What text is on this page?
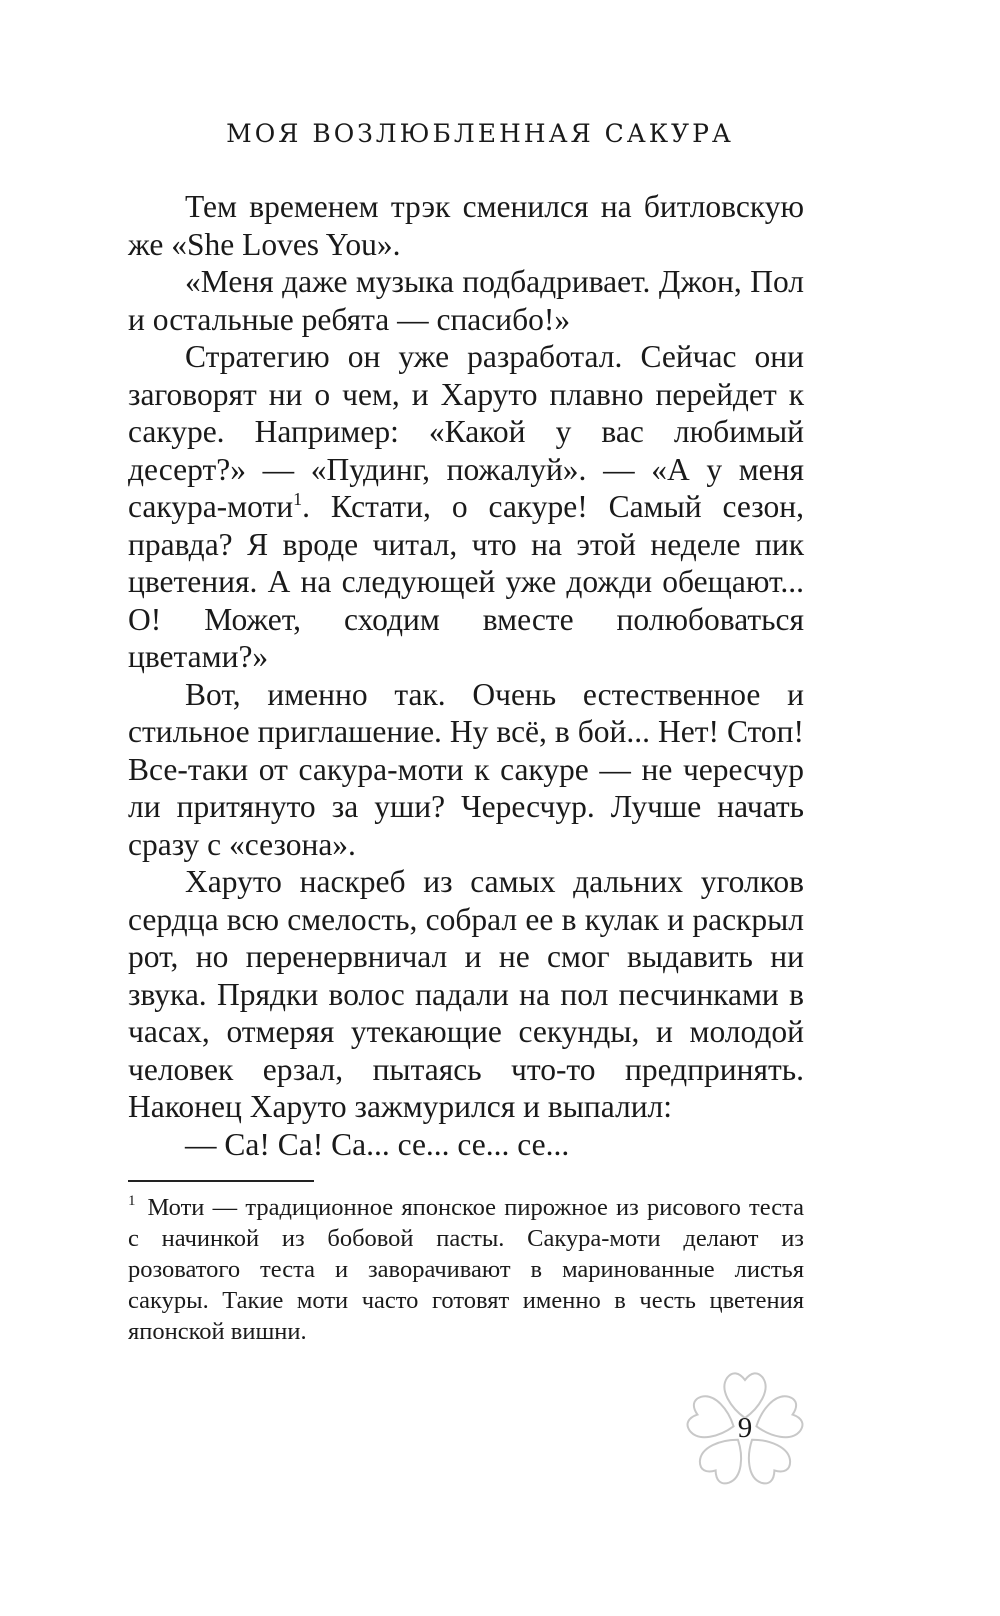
МОЯ ВОЗЛЮБЛЕННАЯ САКУРА

Тем временем трэк сменился на битловскую же «She Loves You».

«Меня даже музыка подбадривает. Джон, Пол и остальные ребята — спасибо!»

Стратегию он уже разработал. Сейчас они заговорят ни о чем, и Харуто плавно перейдет к сакуре. Например: «Какой у вас любимый десерт?» — «Пудинг, пожалуй». — «А у меня сакура-моти$^1$. Кстати, о сакуре! Самый сезон, правда? Я вроде читал, что на этой неделе пик цветения. А на следующей уже дожди обещают... О! Может, сходим вместе полюбоваться цветами?»

Вот, именно так. Очень естественное и стильное приглашение. Ну всё, в бой... Нет! Стоп! Все-таки от сакура-моти к сакуре — не чересчур ли притянуто за уши? Чересчур. Лучше начать сразу с «сезона».

Харуто наскреб из самых дальних уголков сердца всю смелость, собрал ее в кулак и раскрыл рот, но перенервничал и не смог выдавить ни звука. Прядки волос падали на пол песчинками в часах, отмеряя утекающие секунды, и молодой человек ерзал, пытаясь что-то предпринять. Наконец Харуто зажмурился и выпалил:

— Са! Са! Са... се... се... се...

$^1$ Моти — традиционное японское пирожное из рисового теста с начинкой из бобовой пасты. Сакура-моти делают из розоватого теста и заворачивают в маринованные листья сакуры. Такие моти часто готовят именно в честь цветения японской вишни.

9
